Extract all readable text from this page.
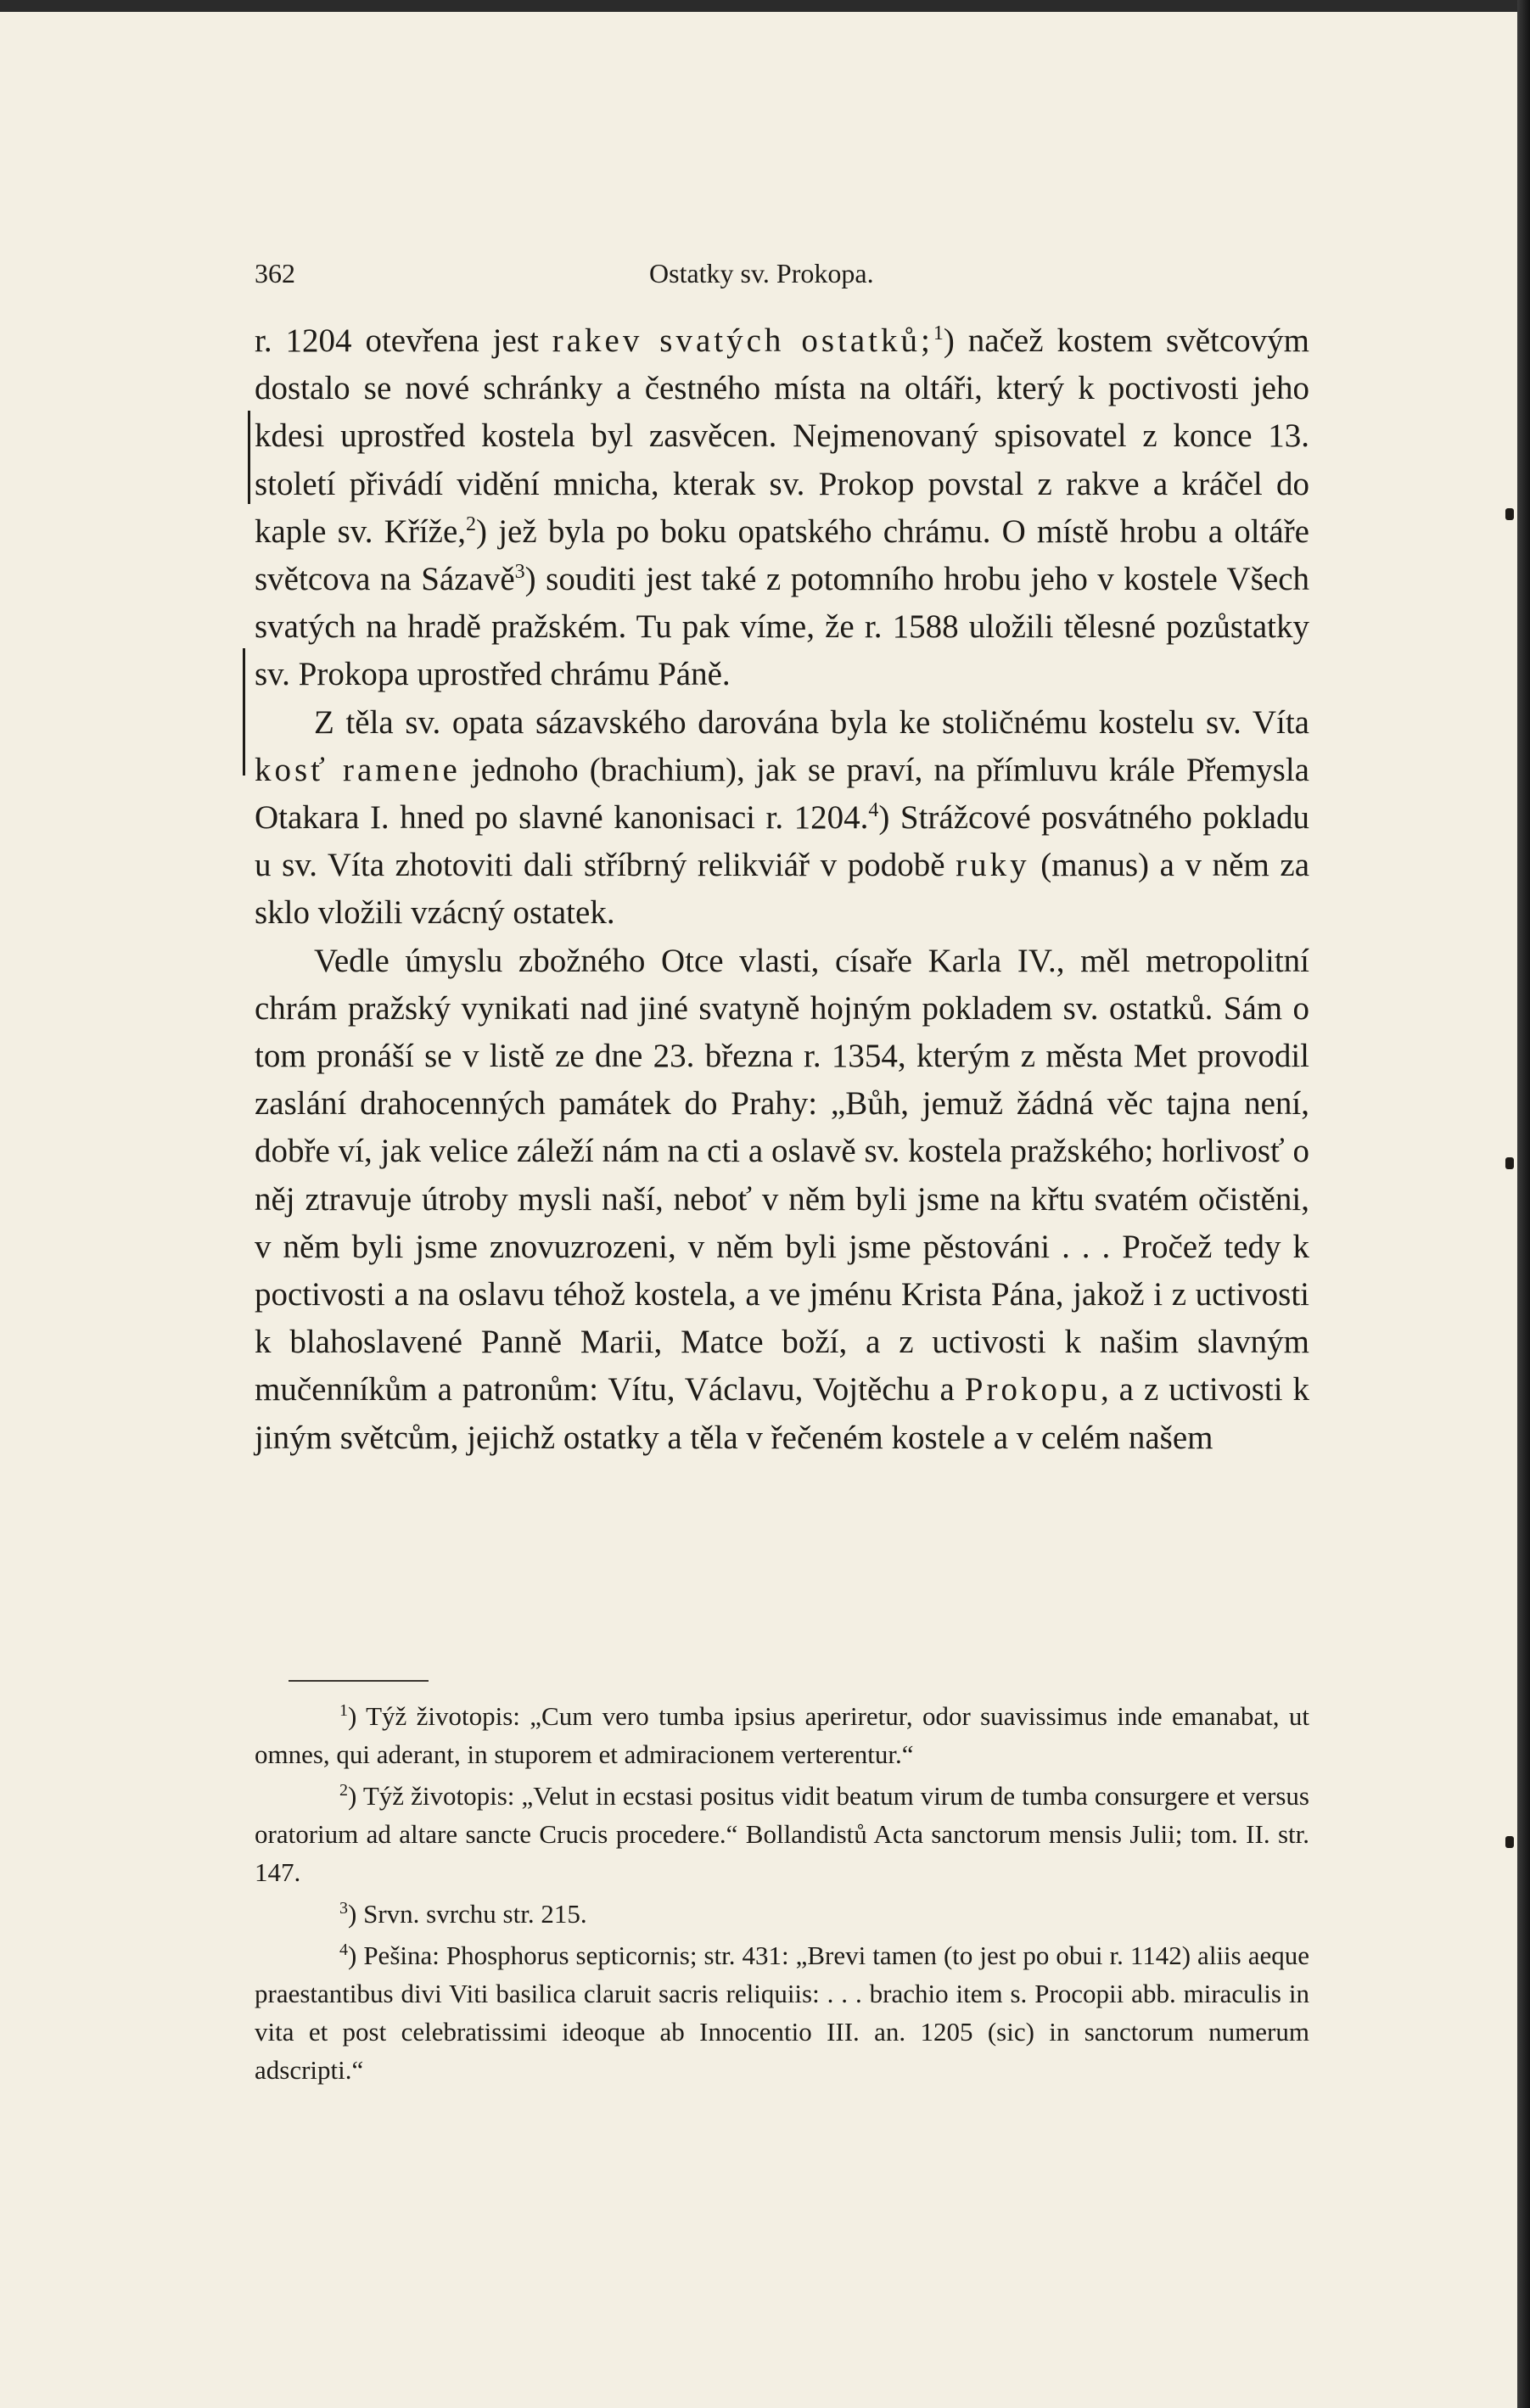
362	Ostatky sv. Prokopa.

r. 1204 otevřena jest rakev svatých ostatků;$^1$) načež kostem světcovým dostalo se nové schránky a čestného místa na oltáři, který k poctivosti jeho kdesi uprostřed kostela byl zasvěcen. Nejmenovaný spisovatel z konce 13. století přivádí vidění mnicha, kterak sv. Prokop povstal z rakve a kráčel do kaple sv. Kříže,$^2$) jež byla po boku opatského chrámu. O místě hrobu a oltáře světcova na Sázavě$^3$) souditi jest také z potomního hrobu jeho v kostele Všech svatých na hradě pražském. Tu pak víme, že r. 1588 uložili tělesné pozůstatky sv. Prokopa uprostřed chrámu Páně.

Z těla sv. opata sázavského darována byla ke stoličnému kostelu sv. Víta kosť ramene jednoho (brachium), jak se praví, na přímluvu krále Přemysla Otakara I. hned po slavné kanonisaci r. 1204.$^4$) Strážcové posvátného pokladu u sv. Víta zhotoviti dali stříbrný relikviář v podobě ruky (manus) a v něm za sklo vložili vzácný ostatek.

Vedle úmyslu zbožného Otce vlasti, císaře Karla IV., měl metropolitní chrám pražský vynikati nad jiné svatyně hojným pokladem sv. ostatků. Sám o tom pronáší se v listě ze dne 23. března r. 1354, kterým z města Met provodil zaslání drahocenných památek do Prahy: „Bůh, jemuž žádná věc tajna není, dobře ví, jak velice záleží nám na cti a oslavě sv. kostela pražského; horlivosť o něj ztravuje útroby mysli naší, neboť v něm byli jsme na křtu svatém očistěni, v něm byli jsme znovuzrozeni, v něm byli jsme pěstováni . . . Pročež tedy k poctivosti a na oslavu téhož kostela, a ve jménu Krista Pána, jakož i z uctivosti k blahoslavené Panně Marii, Matce boží, a z uctivosti k našim slavným mučenníkům a patronům: Vítu, Václavu, Vojtěchu a Prokopu, a z uctivosti k jiným světcům, jejichž ostatky a těla v řečeném kostele a v celém našem

$^1$) Týž životopis: „Cum vero tumba ipsius aperiretur, odor suavissimus inde emanabat, ut omnes, qui aderant, in stuporem et admiracionem verterentur.“

$^2$) Týž životopis: „Velut in ecstasi positus vidit beatum virum de tumba consurgere et versus oratorium ad altare sancte Crucis procedere.“ Bollandistů Acta sanctorum mensis Julii; tom. II. str. 147.

$^3$) Srvn. svrchu str. 215.

$^4$) Pešina: Phosphorus septicornis; str. 431: „Brevi tamen (to jest po obui r. 1142) aliis aeque praestantibus divi Viti basilica claruit sacris reliquiis: . . . brachio item s. Procopii abb. miraculis in vita et post celebratissimi ideoque ab Innocentio III. an. 1205 (sic) in sanctorum numerum adscripti.“
